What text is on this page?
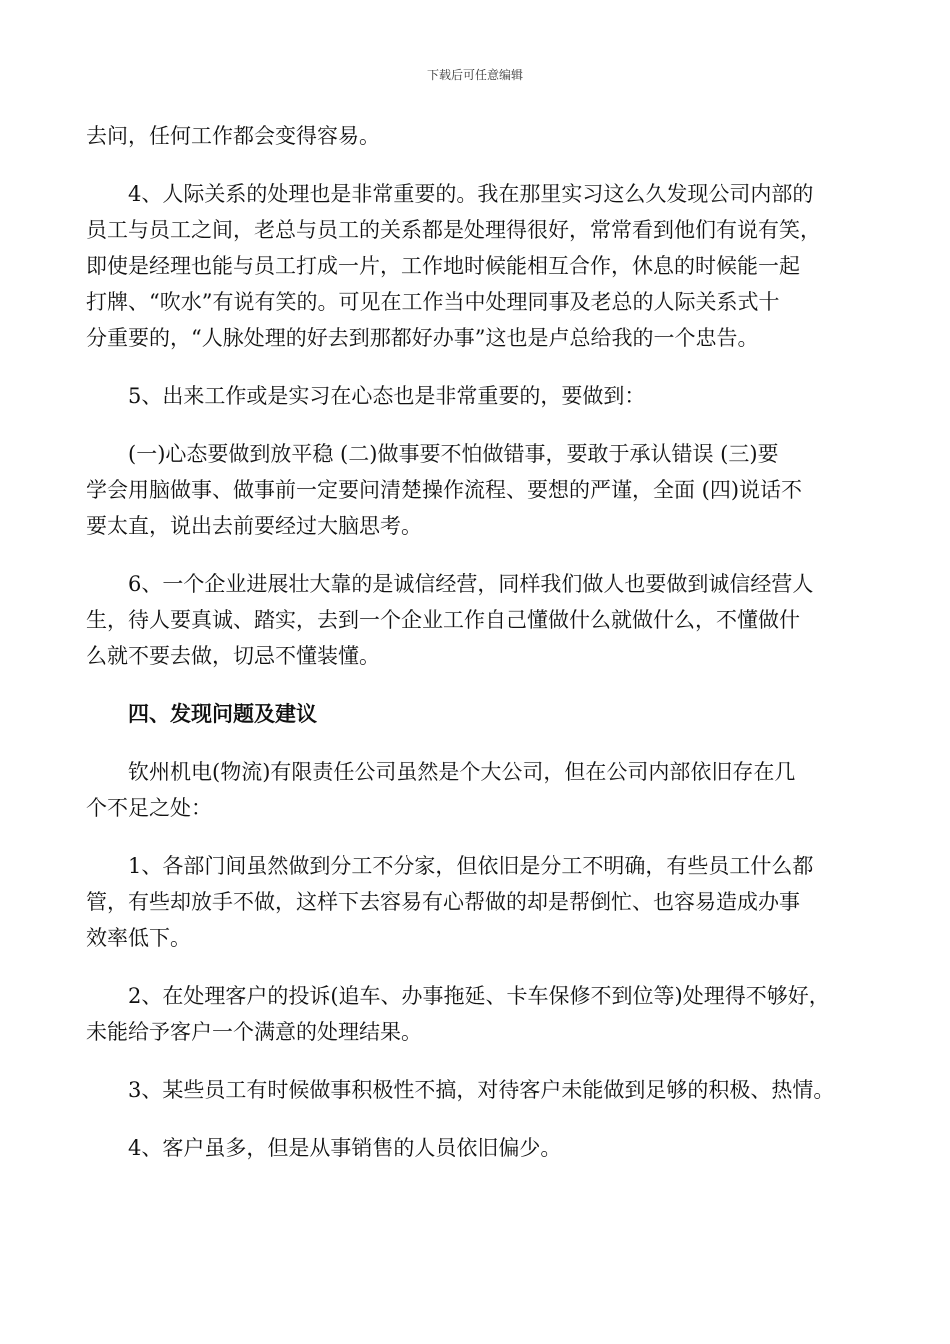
下载后可任意编辑

去问，任何工作都会变得容易。

4、人际关系的处理也是非常重要的。我在那里实习这么久发现公司内部的
员工与员工之间，老总与员工的关系都是处理得很好，常常看到他们有说有笑，
即使是经理也能与员工打成一片，工作地时候能相互合作，休息的时候能一起
打牌、“吹水”有说有笑的。可见在工作当中处理同事及老总的人际关系式十
分重要的，“人脉处理的好去到那都好办事”这也是卢总给我的一个忠告。

5、出来工作或是实习在心态也是非常重要的，要做到：

(一)心态要做到放平稳 (二)做事要不怕做错事，要敢于承认错误 (三)要
学会用脑做事、做事前一定要问清楚操作流程、要想的严谨，全面 (四)说话不
要太直，说出去前要经过大脑思考。

6、一个企业进展壮大靠的是诚信经营，同样我们做人也要做到诚信经营人
生，待人要真诚、踏实，去到一个企业工作自己懂做什么就做什么，不懂做什
么就不要去做，切忌不懂装懂。

四、发现问题及建议

钦州机电(物流)有限责任公司虽然是个大公司，但在公司内部依旧存在几
个不足之处：

1、各部门间虽然做到分工不分家，但依旧是分工不明确，有些员工什么都
管，有些却放手不做，这样下去容易有心帮做的却是帮倒忙、也容易造成办事
效率低下。

2、在处理客户的投诉(追车、办事拖延、卡车保修不到位等)处理得不够好，
未能给予客户一个满意的处理结果。

3、某些员工有时候做事积极性不搞，对待客户未能做到足够的积极、热情。

4、客户虽多，但是从事销售的人员依旧偏少。
